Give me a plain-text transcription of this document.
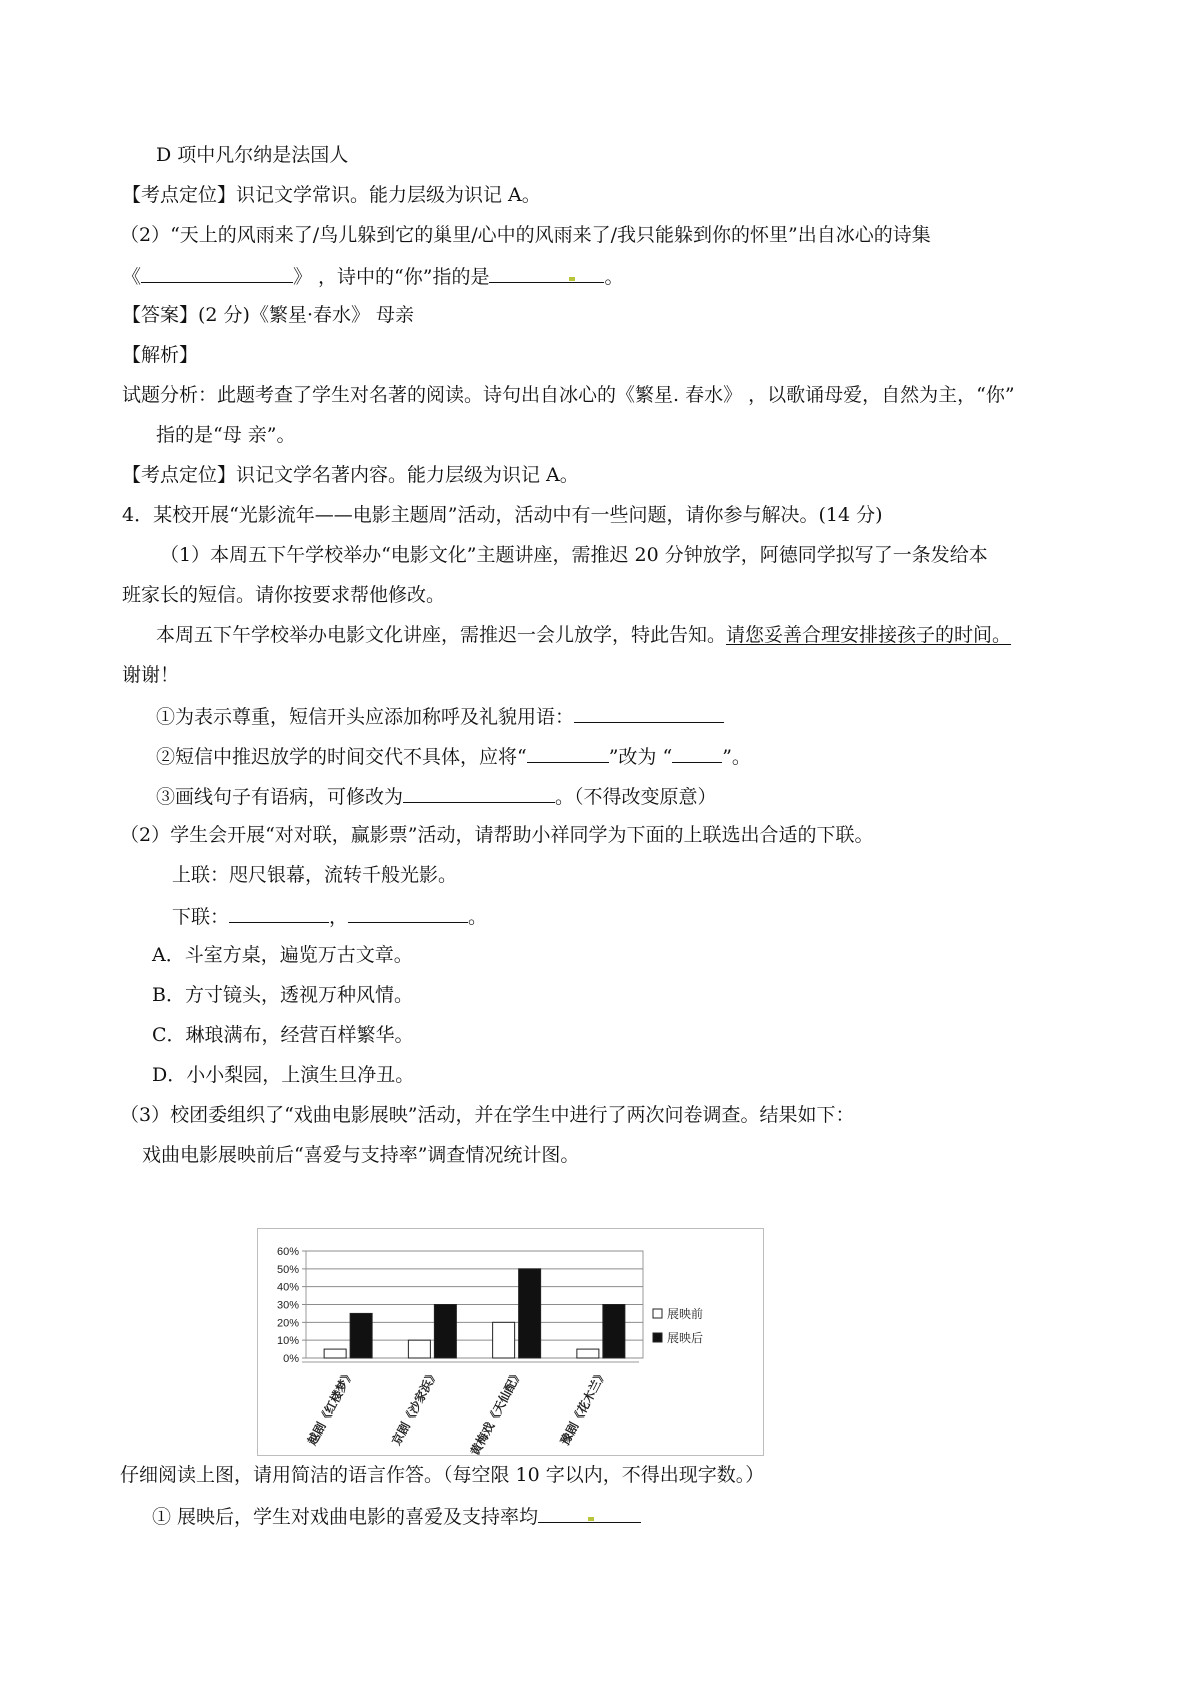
D 项中凡尔纳是法国人
【考点定位】识记文学常识。能力层级为识记 A。
（2）“天上的风雨来了/鸟儿躲到它的巢里/心中的风雨来了/我只能躲到你的怀里”出自冰心的诗集
《	》 ，诗中的“你”指的是	。
【答案】(2 分)《繁星·春水》 母亲
【解析】
试题分析：此题考查了学生对名著的阅读。诗句出自冰心的《繁星. 春水》 ，以歌诵母爱，自然为主，“你”
指的是“母 亲”。
【考点定位】识记文学名著内容。能力层级为识记 A。
4．某校开展“光影流年——电影主题周”活动，活动中有一些问题，请你参与解决。(14 分)
（1）本周五下午学校举办“电影文化”主题讲座，需推迟 20 分钟放学，阿德同学拟写了一条发给本
班家长的短信。请你按要求帮他修改。
本周五下午学校举办电影文化讲座，需推迟一会儿放学，特此告知。请您妥善合理安排接孩子的时间。
谢谢！
①为表示尊重，短信开头应添加称呼及礼貌用语：
②短信中推迟放学的时间交代不具体，应将“	”改为 “	”。
③画线句子有语病，可修改为	。（不得改变原意）
（2）学生会开展“对对联，赢影票”活动，请帮助小祥同学为下面的上联选出合适的下联。
上联：咫尺银幕，流转千般光影。
下联：	，	。
A．斗室方桌，遍览万古文章。
B．方寸镜头，透视万种风情。
C．琳琅满布，经营百样繁华。
D．小小梨园，上演生旦净丑。
（3）校团委组织了“戏曲电影展映”活动，并在学生中进行了两次问卷调查。结果如下：
戏曲电影展映前后“喜爱与支持率”调查情况统计图。
0%
10%
20%
30%
40%
50%
60%
越剧《红楼梦》	京剧《沙家浜》 黄梅戏《天仙配》	豫剧《花木兰》
展映前
展映后
仔细阅读上图，请用简洁的语言作答。（每空限 10 字以内，不得出现字数。）
① 展映后，学生对戏曲电影的喜爱及支持率均
